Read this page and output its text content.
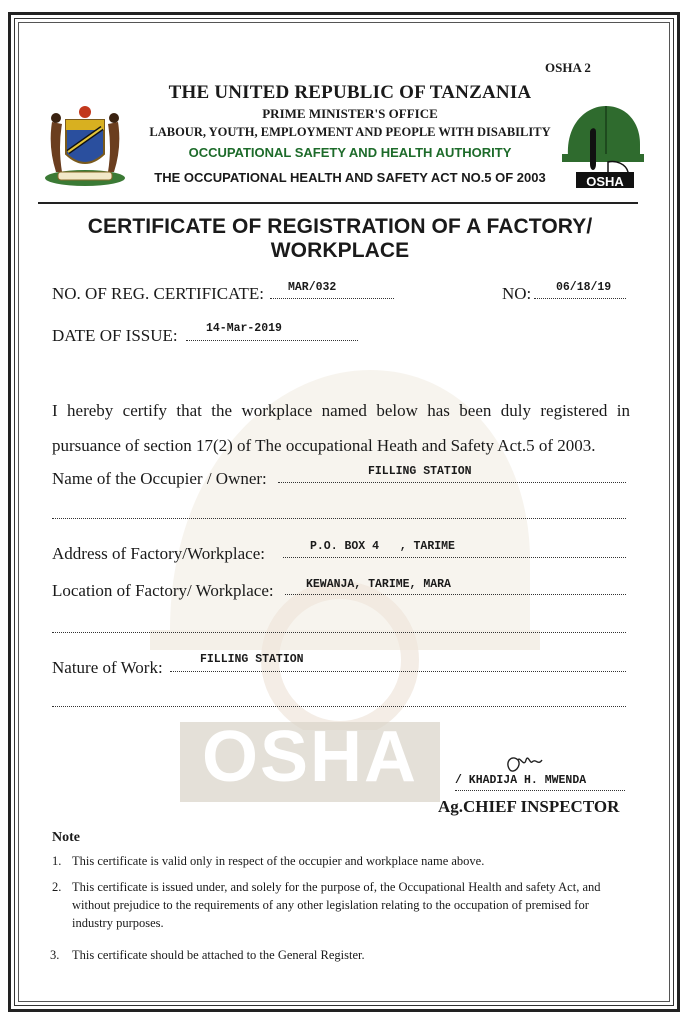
OSHA 2
OSHA
THE UNITED REPUBLIC OF TANZANIA
PRIME MINISTER'S OFFICE
LABOUR, YOUTH, EMPLOYMENT AND PEOPLE WITH DISABILITY
OCCUPATIONAL SAFETY AND HEALTH AUTHORITY
THE OCCUPATIONAL HEALTH AND SAFETY ACT NO.5 OF 2003
CERTIFICATE OF REGISTRATION OF A FACTORY/ WORKPLACE
NO. OF REG. CERTIFICATE: MAR/032	NO: 06/18/19
DATE OF ISSUE: 14-Mar-2019
I hereby certify that the workplace named below has been duly registered in pursuance of section 17(2) of The occupational Heath and Safety Act.5 of 2003.
Name of the Occupier / Owner:	FILLING STATION
Address of Factory/Workplace:	P.O. BOX 4   , TARIME
Location of Factory/ Workplace:	KEWANJA, TARIME, MARA
Nature of Work:	FILLING STATION
OSHA	/ KHADIJA H. MWENDA
Ag.CHIEF INSPECTOR
Note
1. This certificate is valid only in respect of the occupier and workplace name above.
2. This certificate is issued under, and solely for the purpose of, the Occupational Health and safety Act, and without prejudice to the requirements of any other legislation relating to the occupation of premised for industry purposes.
3. This certificate should be attached to the General Register.
